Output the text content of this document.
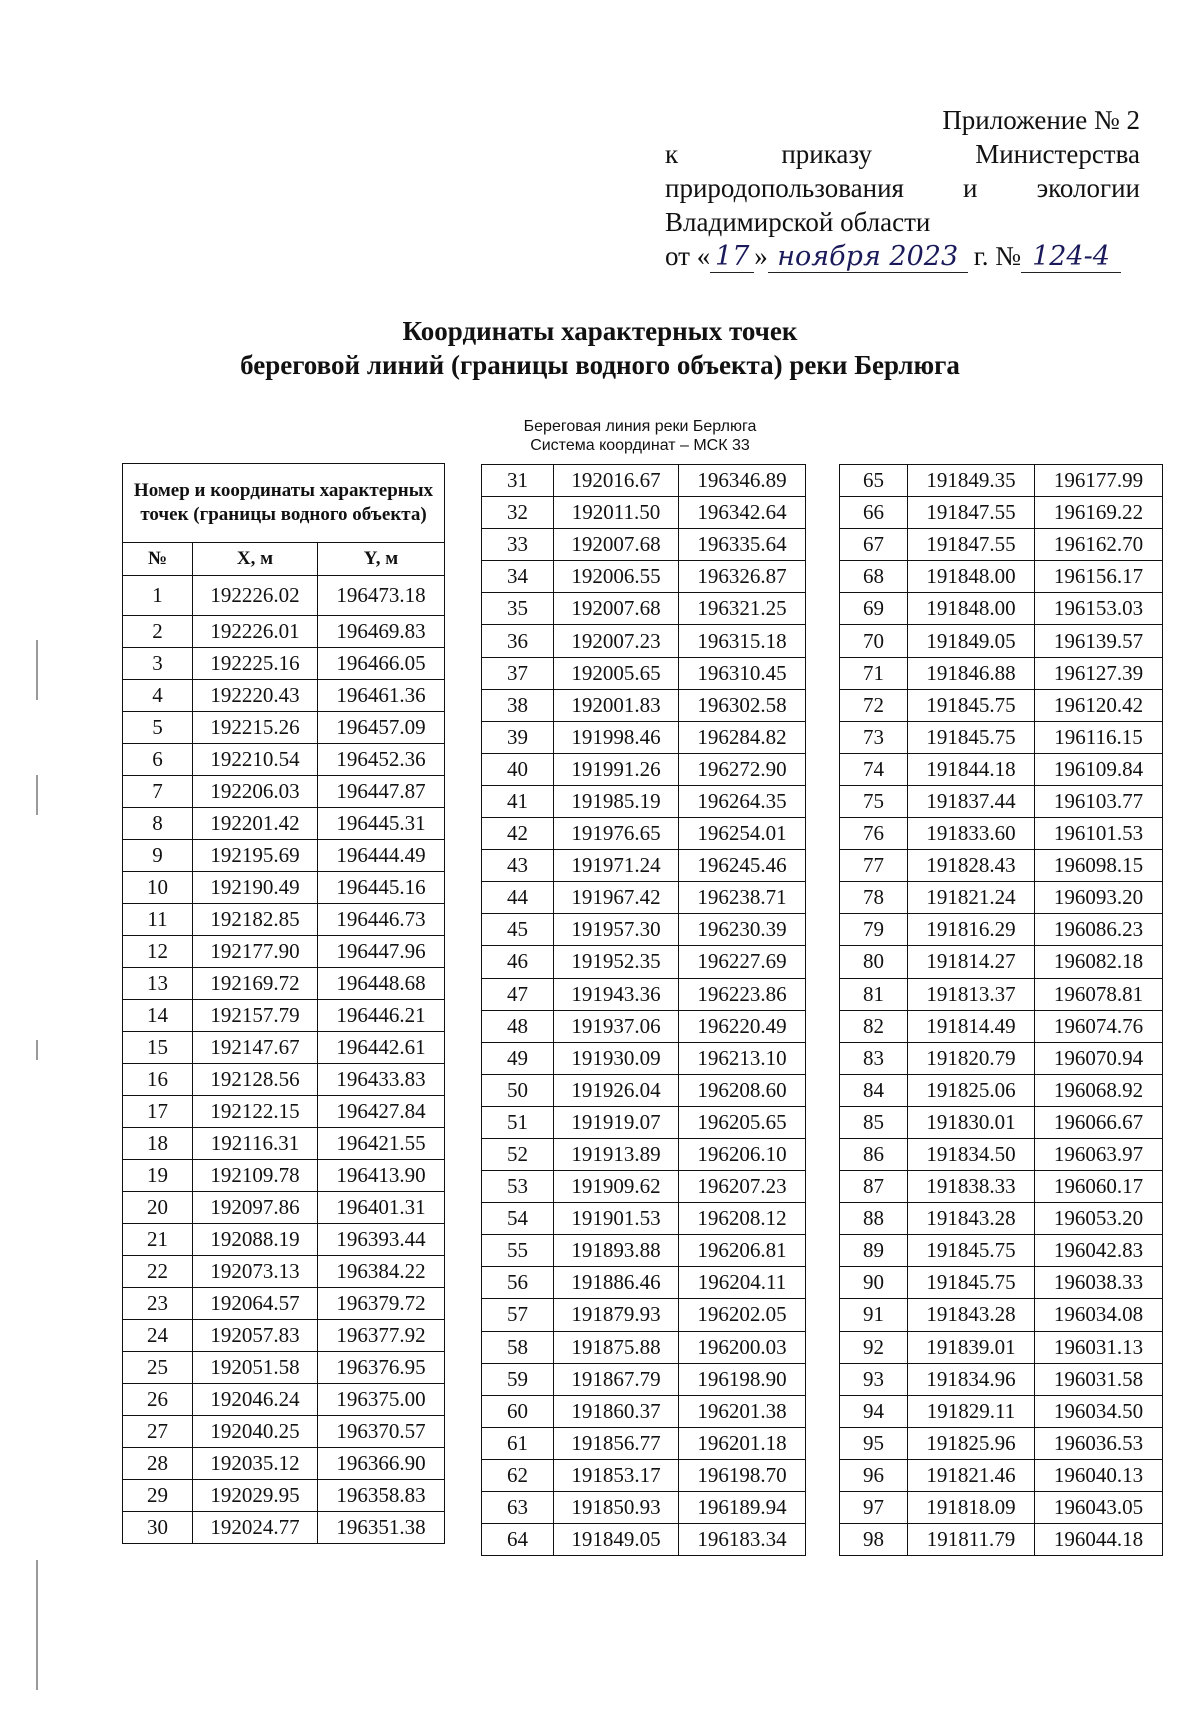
Приложение № 2
к	приказу	Министерства
природопользования и экологии
Владимирской области
от « 17 » ноября 2023 г. № 124-4
Координаты характерных точек
береговой линий (границы водного объекта) реки Берлюга
Береговая линия реки Берлюга
Система координат – МСК 33
Номер и координаты характерных точек (границы водного объекта)		
№	X, м	Y, м
1	192226.02	196473.18
2	192226.01	196469.83
3	192225.16	196466.05
4	192220.43	196461.36
5	192215.26	196457.09
6	192210.54	196452.36
7	192206.03	196447.87
8	192201.42	196445.31
9	192195.69	196444.49
10	192190.49	196445.16
11	192182.85	196446.73
12	192177.90	196447.96
13	192169.72	196448.68
14	192157.79	196446.21
15	192147.67	196442.61
16	192128.56	196433.83
17	192122.15	196427.84
18	192116.31	196421.55
19	192109.78	196413.90
20	192097.86	196401.31
21	192088.19	196393.44
22	192073.13	196384.22
23	192064.57	196379.72
24	192057.83	196377.92
25	192051.58	196376.95
26	192046.24	196375.00
27	192040.25	196370.57
28	192035.12	196366.90
29	192029.95	196358.83
30	192024.77	196351.38
31	192016.67	196346.89
32	192011.50	196342.64
33	192007.68	196335.64
34	192006.55	196326.87
35	192007.68	196321.25
36	192007.23	196315.18
37	192005.65	196310.45
38	192001.83	196302.58
39	191998.46	196284.82
40	191991.26	196272.90
41	191985.19	196264.35
42	191976.65	196254.01
43	191971.24	196245.46
44	191967.42	196238.71
45	191957.30	196230.39
46	191952.35	196227.69
47	191943.36	196223.86
48	191937.06	196220.49
49	191930.09	196213.10
50	191926.04	196208.60
51	191919.07	196205.65
52	191913.89	196206.10
53	191909.62	196207.23
54	191901.53	196208.12
55	191893.88	196206.81
56	191886.46	196204.11
57	191879.93	196202.05
58	191875.88	196200.03
59	191867.79	196198.90
60	191860.37	196201.38
61	191856.77	196201.18
62	191853.17	196198.70
63	191850.93	196189.94
64	191849.05	196183.34
65	191849.35	196177.99
66	191847.55	196169.22
67	191847.55	196162.70
68	191848.00	196156.17
69	191848.00	196153.03
70	191849.05	196139.57
71	191846.88	196127.39
72	191845.75	196120.42
73	191845.75	196116.15
74	191844.18	196109.84
75	191837.44	196103.77
76	191833.60	196101.53
77	191828.43	196098.15
78	191821.24	196093.20
79	191816.29	196086.23
80	191814.27	196082.18
81	191813.37	196078.81
82	191814.49	196074.76
83	191820.79	196070.94
84	191825.06	196068.92
85	191830.01	196066.67
86	191834.50	196063.97
87	191838.33	196060.17
88	191843.28	196053.20
89	191845.75	196042.83
90	191845.75	196038.33
91	191843.28	196034.08
92	191839.01	196031.13
93	191834.96	196031.58
94	191829.11	196034.50
95	191825.96	196036.53
96	191821.46	196040.13
97	191818.09	196043.05
98	191811.79	196044.18
